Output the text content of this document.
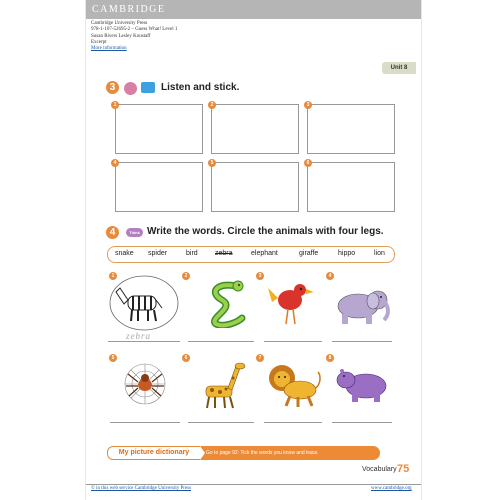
CAMBRIDGE
Cambridge University Press
978-1-107-52695-2 – Guess What! Level 1
Susan Rivers Lesley Koustaff
Excerpt
More information
Unit 8
3	Listen and stick.
1	2	3
4	5	6
4	Think Write the words. Circle the animals with four legs.
snake spider	bird zebra	elephant	giraffe	hippo	lion
1
zebra
2	3	4
5	6	7	8
My picture dictionary	Go to page 92: Tick the words you know and trace.
Vocabulary 75
© in this web service Cambridge University Press	www.cambridge.org
